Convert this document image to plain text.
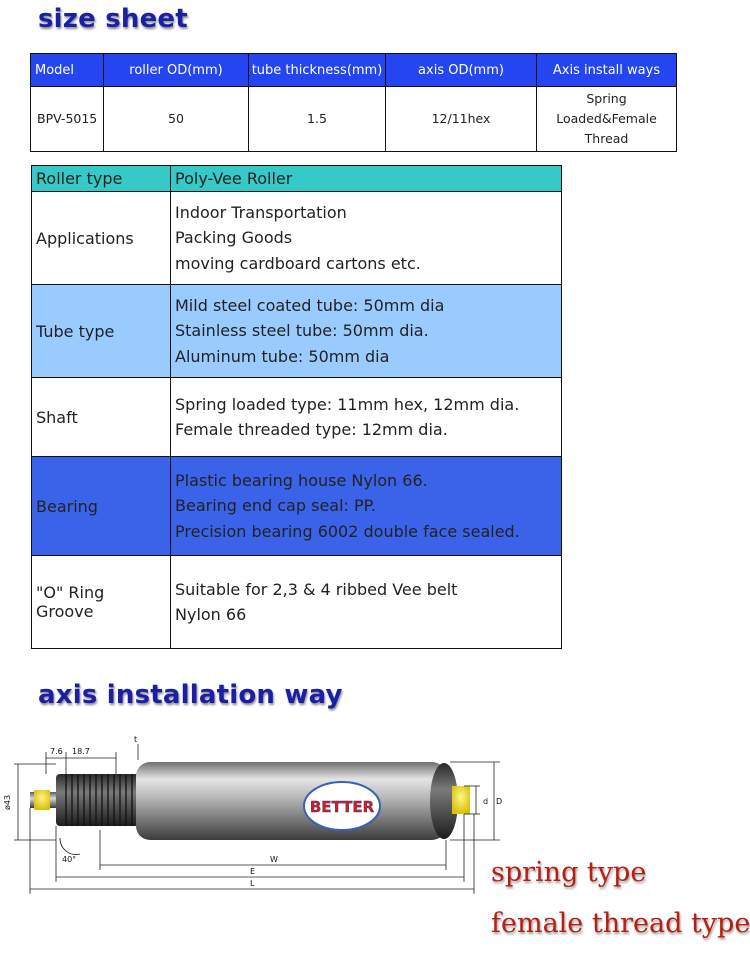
size sheet
Model	roller OD(mm)	tube thickness(mm)	axis OD(mm)	Axis install ways
BPV-5015	50	1.5	12/11hex	Spring
Loaded&Female
Thread
Roller type	Poly-Vee Roller
Applications	Indoor Transportation
Packing Goods
moving cardboard cartons etc.

Tube type	Mild steel coated tube: 50mm dia
Stainless steel tube: 50mm dia.
Aluminum tube: 50mm dia

Shaft	Spring loaded type: 11mm hex, 12mm dia.
Female threaded type: 12mm dia.

Bearing	Plastic bearing house Nylon 66.
Bearing end cap seal: PP.
Precision bearing 6002 double face sealed.

"O" Ring Groove	Suitable for 2,3 & 4 ribbed Vee belt
Nylon 66
axis installation way
BETTER
7.6 18.7
t
ø43	d D
W
E
L
40°	spring type
female thread type
